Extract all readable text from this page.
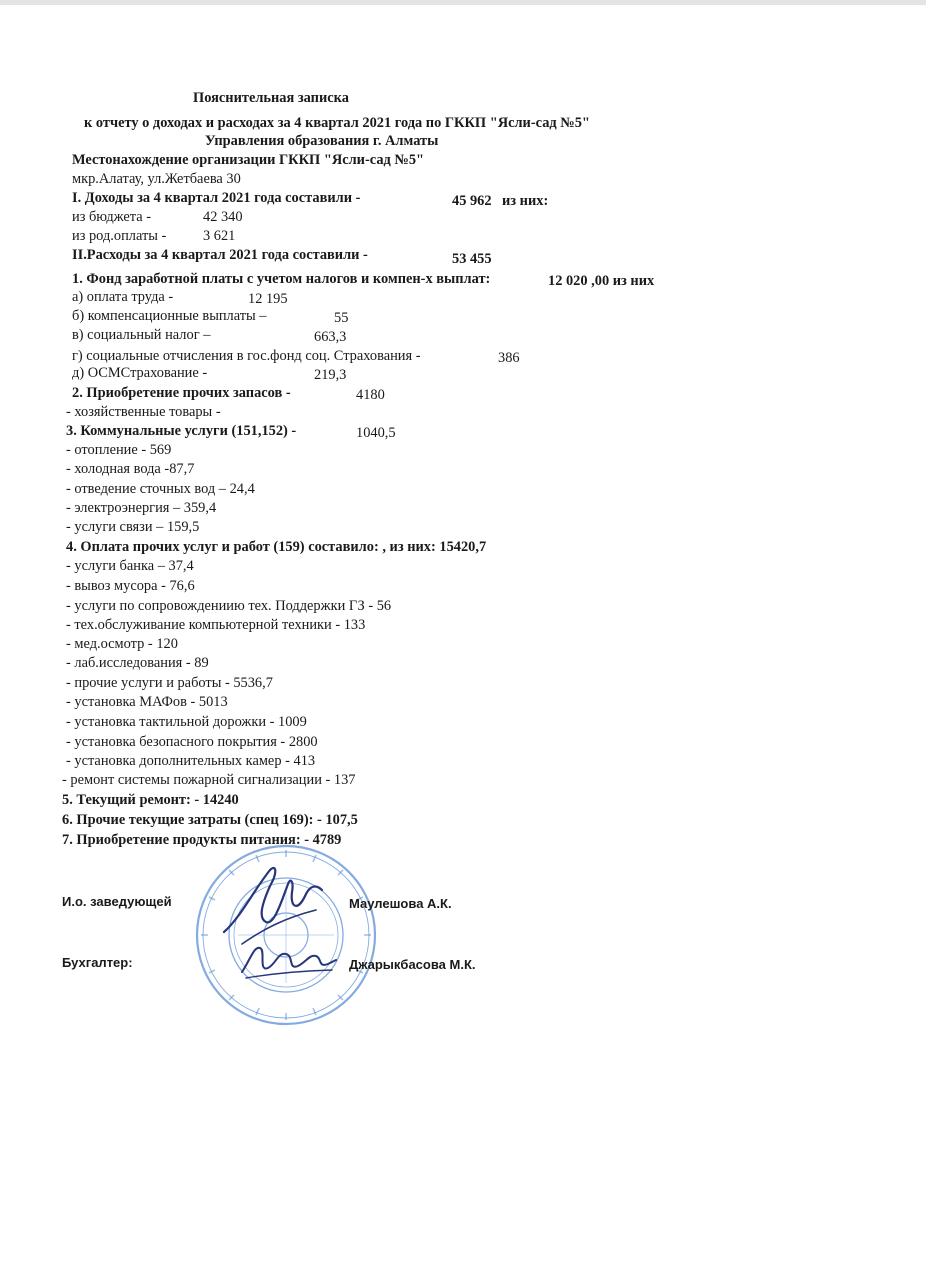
Пояснительная записка
к отчету о доходах и расходах за 4 квартал 2021 года по ГККП "Ясли-сад №5"
Управления образования г. Алматы
Местонахождение организации ГККП "Ясли-сад №5"
мкр.Алатау, ул.Жетбаева 30
I. Доходы за 4 квартал 2021 года составили -	45 962 из них:
из бюджета -	42 340
из род.оплаты -	3 621
II.Расходы за 4 квартал 2021 года составили -	53 455
1. Фонд заработной платы с учетом налогов и компен-х выплат:	12 020 ,00 из них
а) оплата труда -	12 195
б) компенсационные выплаты –	55
в) социальный налог –	663,3
г) социальные отчисления в гос.фонд соц. Страхования -	386
д) ОСМСтрахование -	219,3
2. Приобретение прочих запасов -	4180
- хозяйственные товары -
3. Коммунальные услуги (151,152) -	1040,5
- отопление - 569
- холодная вода -87,7
- отведение сточных вод – 24,4
- электроэнергия – 359,4
- услуги связи – 159,5
4. Оплата прочих услуг и работ (159) составило: , из них: 15420,7
- услуги банка – 37,4
- вывоз мусора - 76,6
- услуги по сопровождениию тех. Поддержки ГЗ - 56
- тех.обслуживание компьютерной техники - 133
- мед.осмотр - 120
- лаб.исследования - 89
- прочие услуги и работы - 5536,7
- установка МАФов - 5013
- установка тактильной дорожки - 1009
- установка безопасного покрытия - 2800
- установка дополнительных камер - 413
- ремонт системы пожарной сигнализации - 137
5. Текущий ремонт: - 14240
6. Прочие текущие затраты (спец 169): - 107,5
7. Приобретение продукты питания: - 4789
И.о. заведующей	Маулешова А.К.
Бухгалтер:	Джарыкбасова М.К.
